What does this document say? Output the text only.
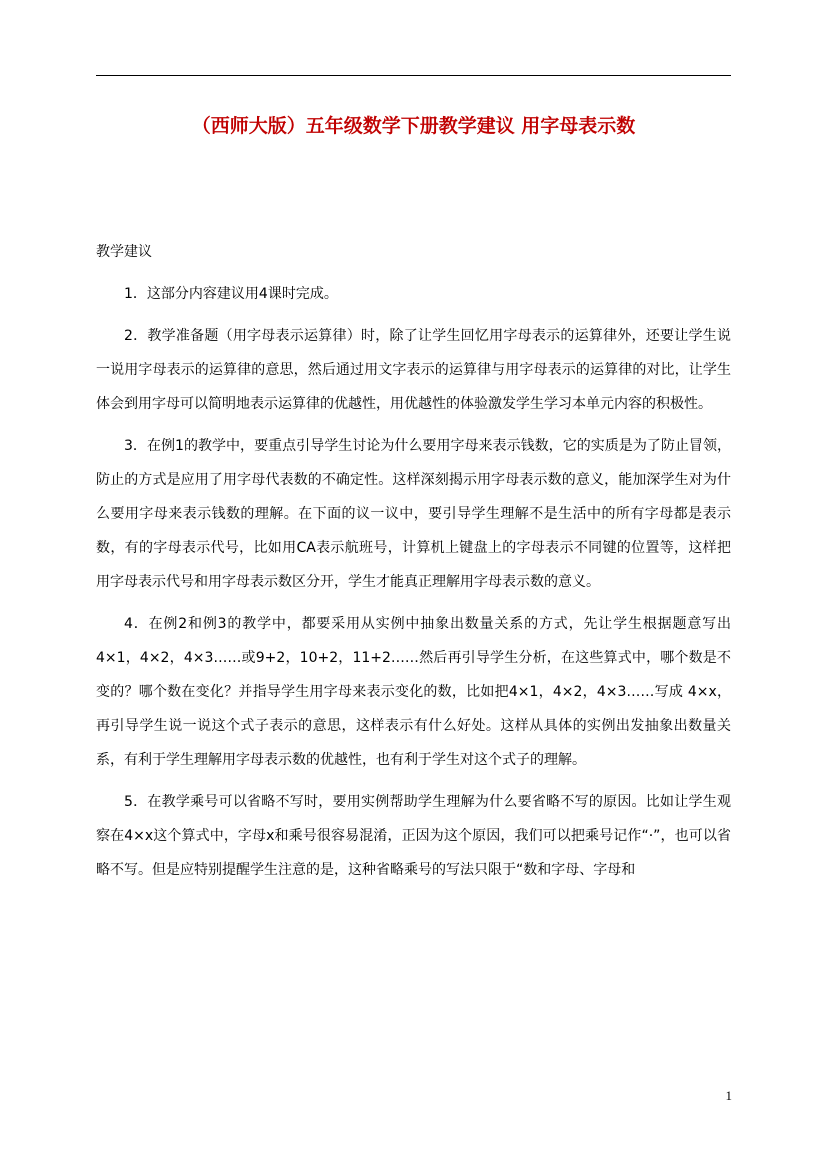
（西师大版）五年级数学下册教学建议 用字母表示数
教学建议

1．这部分内容建议用4课时完成。

2．教学准备题（用字母表示运算律）时，除了让学生回忆用字母表示的运算律外，还要让学生说一说用字母表示的运算律的意思，然后通过用文字表示的运算律与用字母表示的运算律的对比，让学生体会到用字母可以简明地表示运算律的优越性，用优越性的体验激发学生学习本单元内容的积极性。

3．在例1的教学中，要重点引导学生讨论为什么要用字母来表示钱数，它的实质是为了防止冒领，防止的方式是应用了用字母代表数的不确定性。这样深刻揭示用字母表示数的意义，能加深学生对为什么要用字母来表示钱数的理解。在下面的议一议中，要引导学生理解不是生活中的所有字母都是表示数，有的字母表示代号，比如用CA表示航班号，计算机上键盘上的字母表示不同键的位置等，这样把用字母表示代号和用字母表示数区分开，学生才能真正理解用字母表示数的意义。

4．在例2和例3的教学中，都要采用从实例中抽象出数量关系的方式，先让学生根据题意写出4×1，4×2，4×3……或9+2，10+2，11+2……然后再引导学生分析，在这些算式中，哪个数是不变的？哪个数在变化？并指导学生用字母来表示变化的数，比如把4×1，4×2，4×3……写成 4×x，再引导学生说一说这个式子表示的意思，这样表示有什么好处。这样从具体的实例出发抽象出数量关系，有利于学生理解用字母表示数的优越性，也有利于学生对这个式子的理解。

5．在教学乘号可以省略不写时，要用实例帮助学生理解为什么要省略不写的原因。比如让学生观察在4×x这个算式中，字母x和乘号很容易混淆，正因为这个原因，我们可以把乘号记作“·”，也可以省略不写。但是应特别提醒学生注意的是，这种省略乘号的写法只限于“数和字母、字母和

1
